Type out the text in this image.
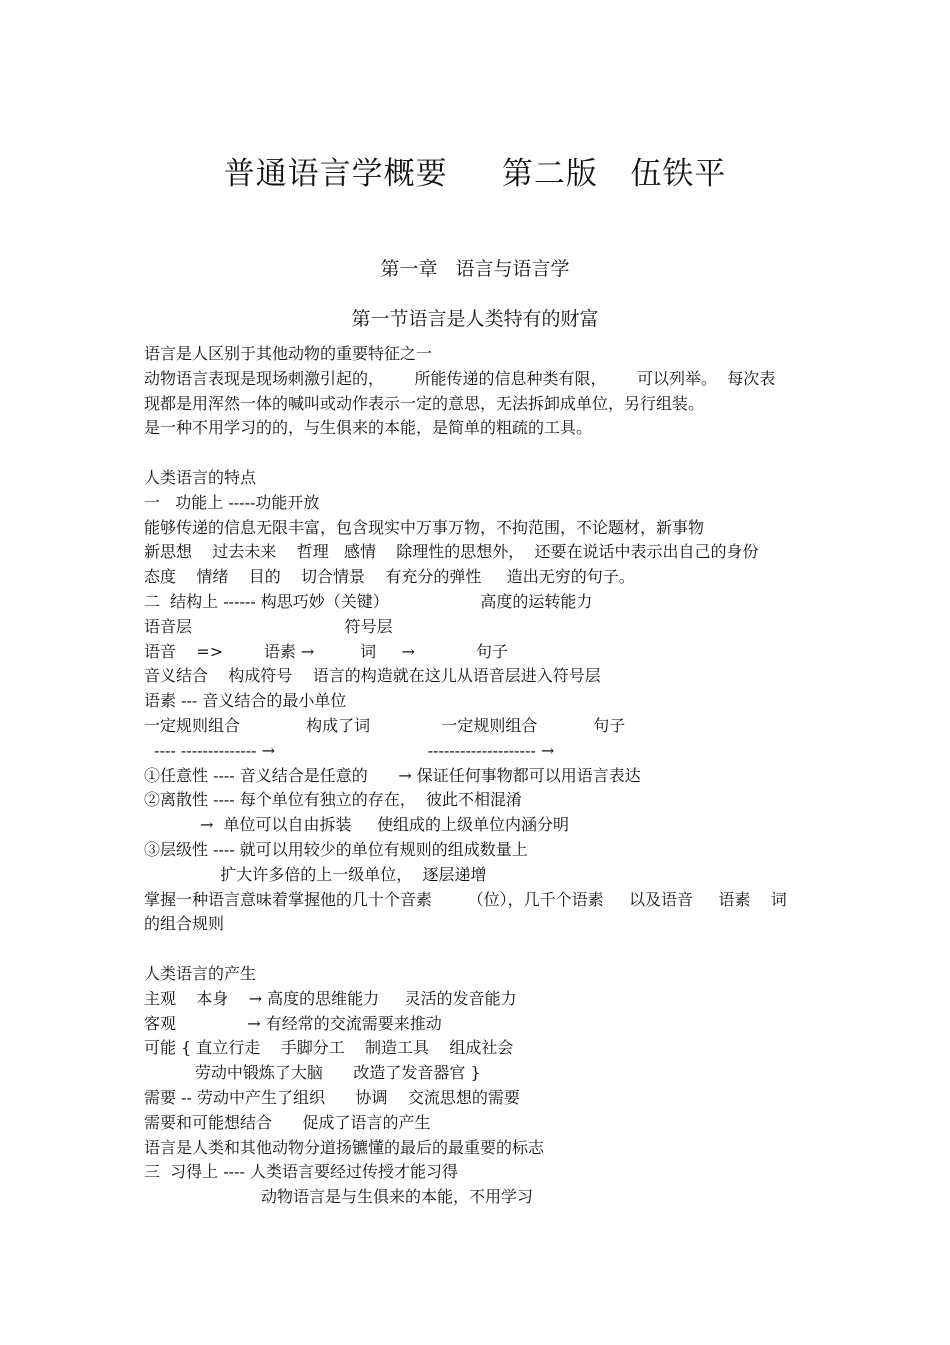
普通语言学概要     第二版   伍铁平
第一章   语言与语言学
第一节语言是人类特有的财富
语言是人区别于其他动物的重要特征之一
动物语言表现是现场刺激引起的，      所能传递的信息种类有限，      可以列举。  每次表
现都是用浑然一体的喊叫或动作表示一定的意思，无法拆卸成单位，另行组装。
是一种不用学习的的，与生俱来的本能，是简单的粗疏的工具。
人类语言的特点
一   功能上 -----功能开放
能够传递的信息无限丰富，包含现实中万事万物，不拘范围，不论题材，新事物
新思想    过去未来    哲理   感情    除理性的思想外，  还要在说话中表示出自己的身份
态度    情绪    目的    切合情景    有充分的弹性     造出无穷的句子。
二  结构上 ------ 构思巧妙（关键）                  高度的运转能力
语音层                              符号层
语音    =>        语素 →         词     →            句子
音义结合    构成符号    语言的构造就在这儿从语音层进入符号层
语素 --- 音义结合的最小单位
一定规则组合             构成了词              一定规则组合           句子
---- -------------- →                              -------------------- →
①任意性 ---- 音义结合是任意的      → 保证任何事物都可以用语言表达
②离散性 ---- 每个单位有独立的存在，  彼此不相混淆
→  单位可以自由拆装     使组成的上级单位内涵分明
③层级性 ---- 就可以用较少的单位有规则的组成数量上
扩大许多倍的上一级单位，  逐层递增
掌握一种语言意味着掌握他的几十个音素       （位），几千个语素     以及语音     语素    词
的组合规则
人类语言的产生
主观    本身    → 高度的思维能力     灵活的发音能力
客观              → 有经常的交流需要来推动
可能 { 直立行走    手脚分工    制造工具    组成社会
劳动中锻炼了大脑      改造了发音器官 }
需要 -- 劳动中产生了组织      协调    交流思想的需要
需要和可能想结合      促成了语言的产生
语言是人类和其他动物分道扬镳懂的最后的最重要的标志
三  习得上 ---- 人类语言要经过传授才能习得
动物语言是与生俱来的本能，不用学习
